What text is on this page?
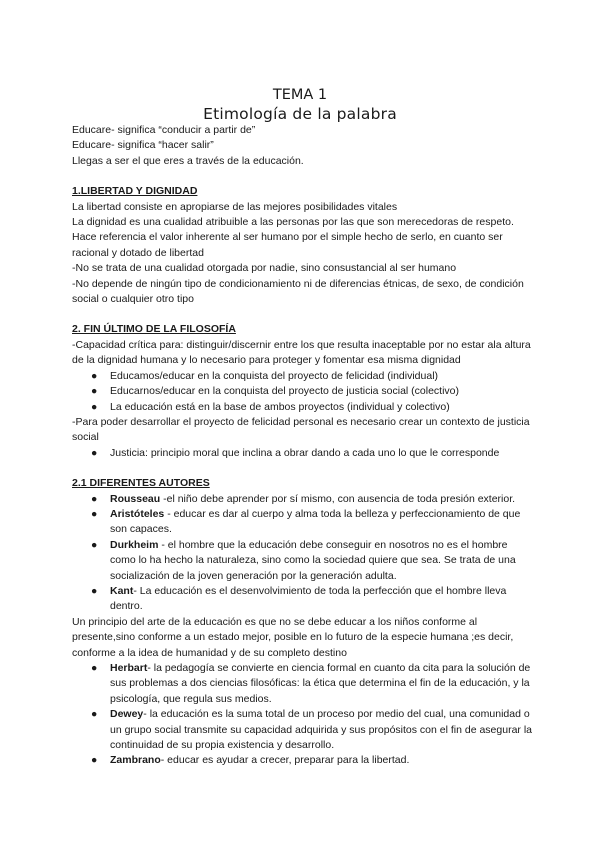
TEMA 1
Etimología de la palabra

Educare- significa “conducir a partir de”

Educare- significa “hacer salir”

Llegas a ser el que eres a través de la educación.

1.LIBERTAD Y DIGNIDAD

La libertad consiste en apropiarse de las mejores posibilidades vitales

La dignidad es una cualidad atribuible a las personas por las que son merecedoras de respeto.

Hace referencia el valor inherente al ser humano por el simple hecho de serlo, en cuanto ser racional y dotado de libertad

-No se trata de una cualidad otorgada por nadie, sino consustancial al ser humano

-No depende de ningún tipo de condicionamiento ni de diferencias étnicas, de sexo, de condición social o cualquier otro tipo

2. FIN ÚLTIMO DE LA FILOSOFÍA

-Capacidad crítica para: distinguir/discernir entre los que resulta inaceptable por no estar ala altura de la dignidad humana y lo necesario para proteger y fomentar esa misma dignidad

● Educamos/educar en la conquista del proyecto de felicidad (individual)
● Educarnos/educar en la conquista del proyecto de justicia social (colectivo)
● La educación está en la base de ambos proyectos (individual y colectivo)

-Para poder desarrollar el proyecto de felicidad personal es necesario crear un contexto de justicia social

● Justicia: principio moral que inclina a obrar dando a cada uno lo que le corresponde

2.1 DIFERENTES AUTORES

● Rousseau -el niño debe aprender por sí mismo, con ausencia de toda presión exterior.
● Aristóteles - educar es dar al cuerpo y alma toda la belleza y perfeccionamiento de que son capaces.
● Durkheim - el hombre que la educación debe conseguir en nosotros no es el hombre como lo ha hecho la naturaleza, sino como la sociedad quiere que sea. Se trata de una socialización de la joven generación por la generación adulta.
● Kant- La educación es el desenvolvimiento de toda la perfección que el hombre lleva dentro.

Un principio del arte de la educación es que no se debe educar a los niños conforme al presente,sino conforme a un estado mejor, posible en lo futuro de la especie humana ;es decir, conforme a la idea de humanidad y de su completo destino

● Herbart- la pedagogía se convierte en ciencia formal en cuanto da cita para la solución de sus problemas a dos ciencias filosóficas: la ética que determina el fin de la educación, y la psicología, que regula sus medios.
● Dewey- la educación es la suma total de un proceso por medio del cual, una comunidad o un grupo social transmite su capacidad adquirida y sus propósitos con el fin de asegurar la continuidad de su propia existencia y desarrollo.
● Zambrano- educar es ayudar a crecer, preparar para la libertad.
